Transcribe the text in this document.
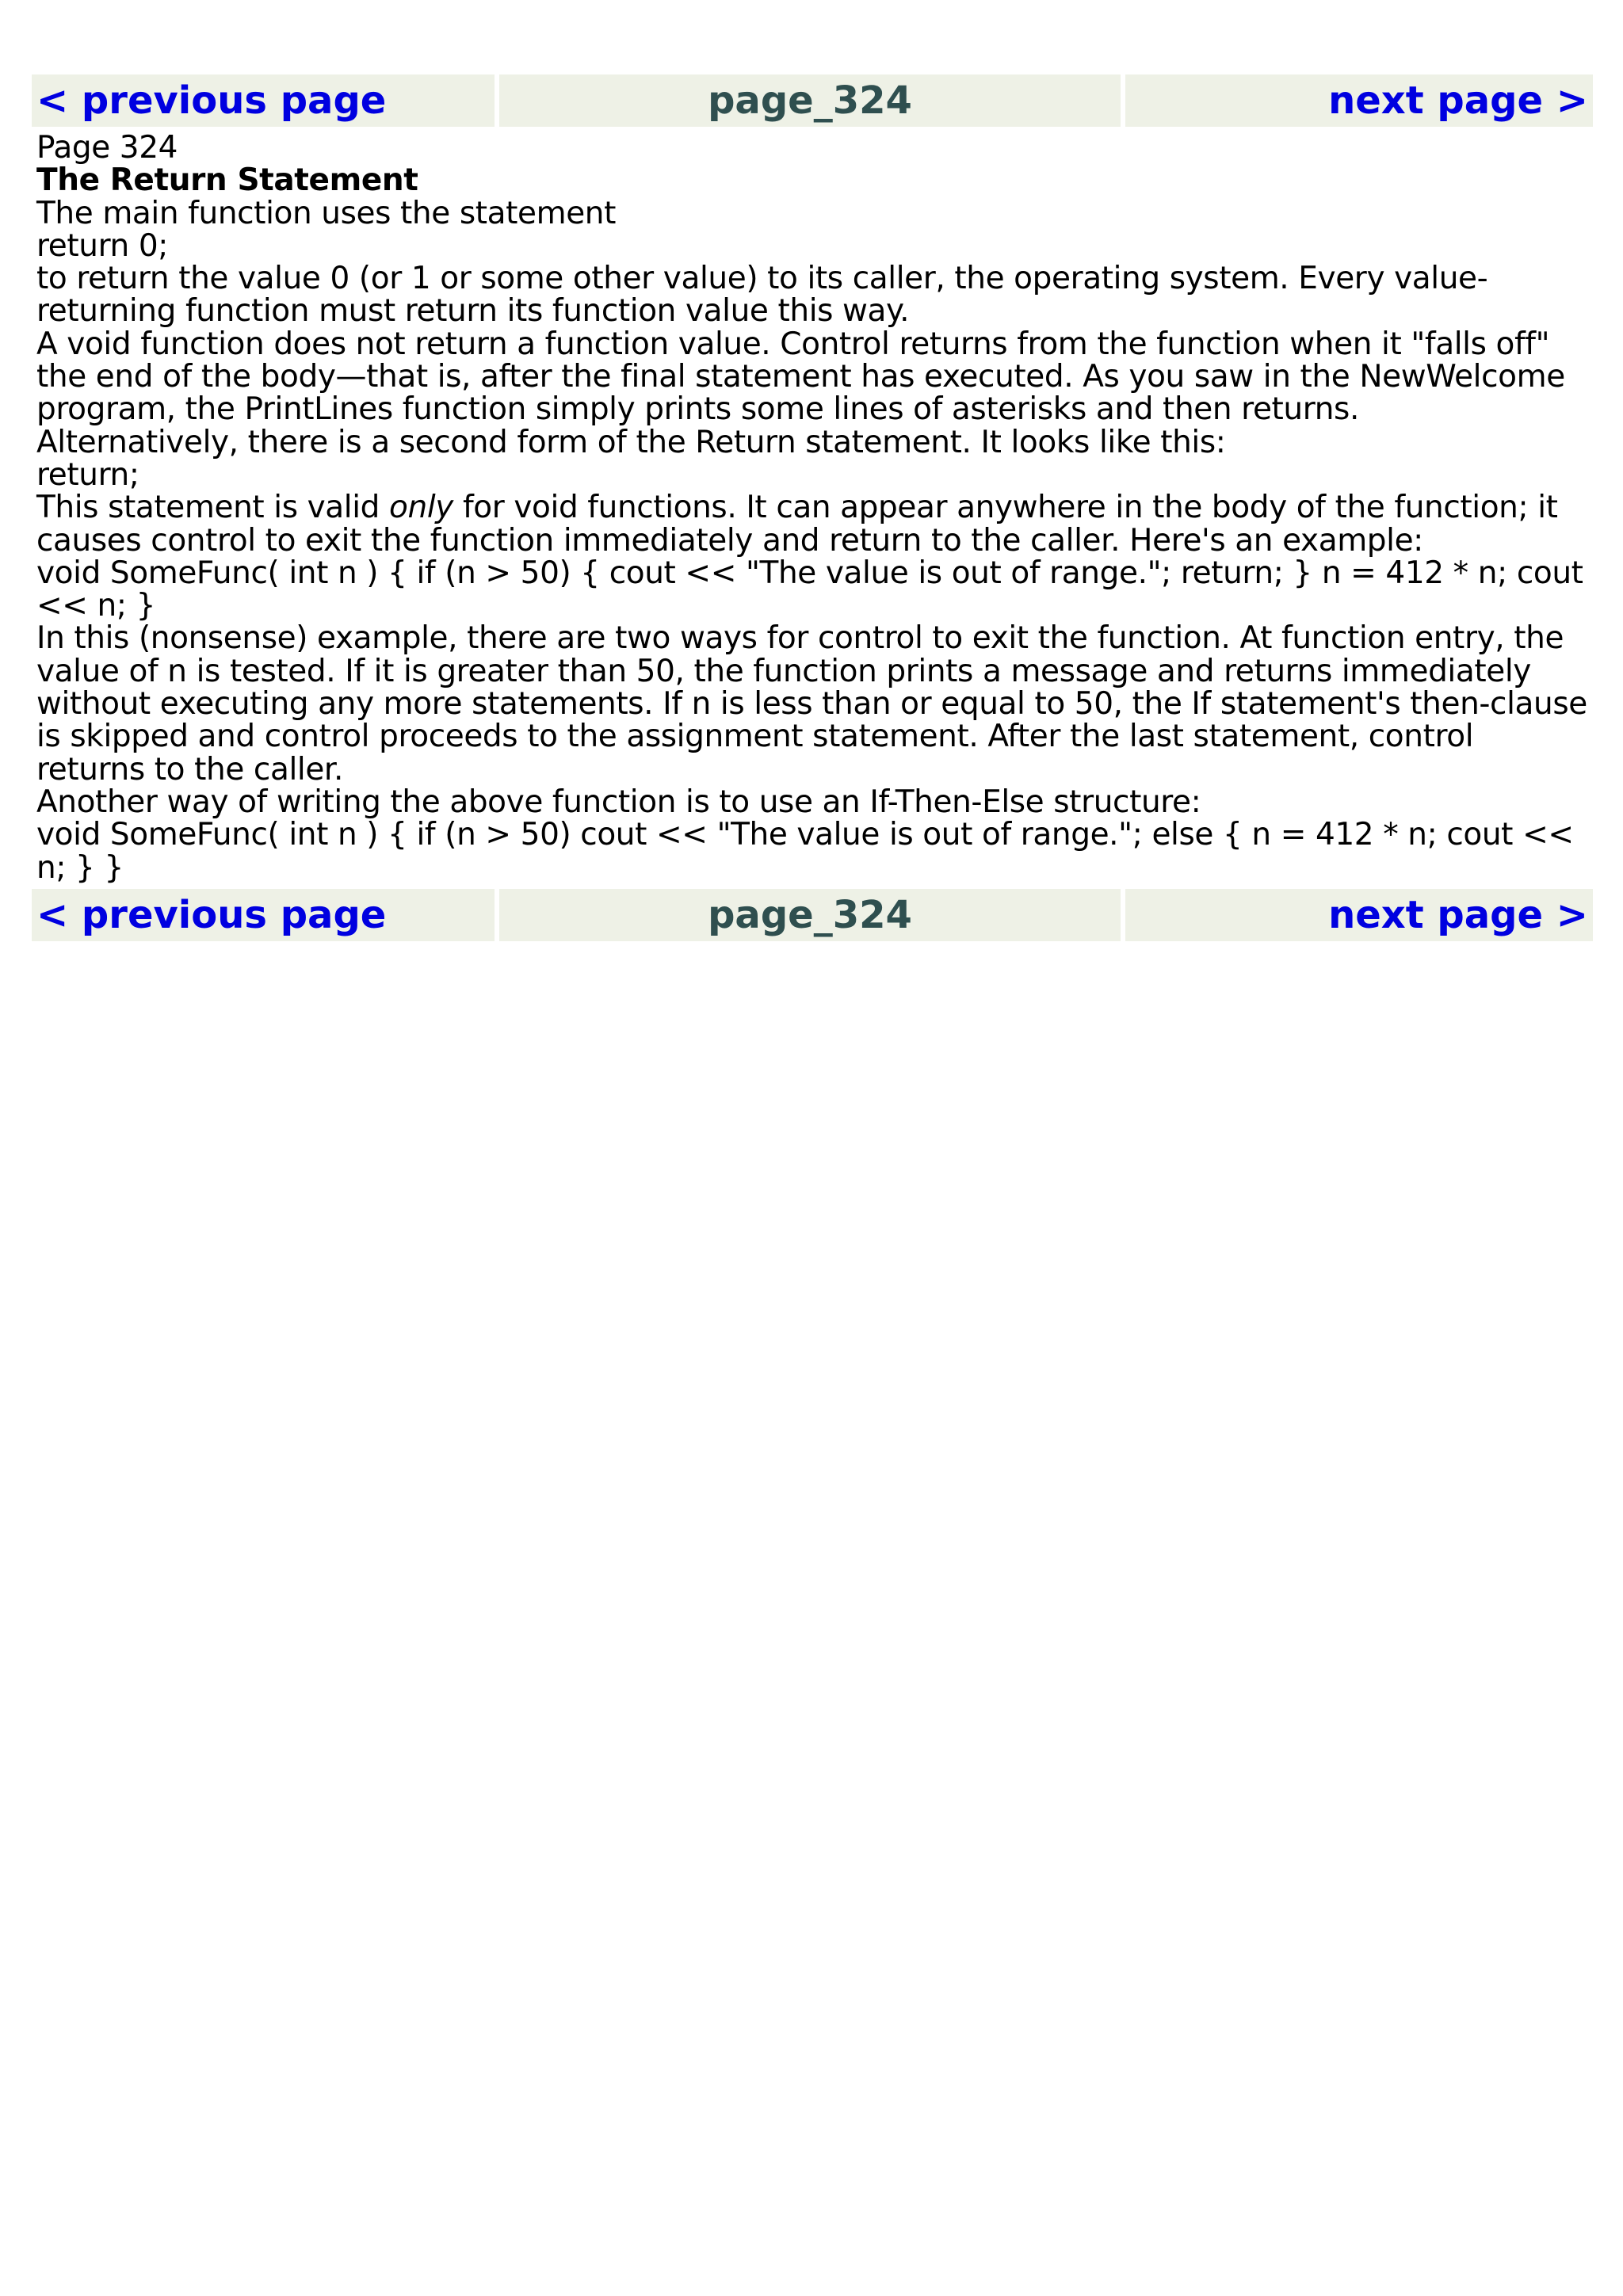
< previous page	page_324	next page >

Page 324

The Return Statement

The main function uses the statement

return 0;

to return the value 0 (or 1 or some other value) to its caller, the operating system. Every value-returning function must return its function value this way.

A void function does not return a function value. Control returns from the function when it "falls off" the end of the body—that is, after the final statement has executed. As you saw in the NewWelcome program, the PrintLines function simply prints some lines of asterisks and then returns.

Alternatively, there is a second form of the Return statement. It looks like this:

return;

This statement is valid only for void functions. It can appear anywhere in the body of the function; it causes control to exit the function immediately and return to the caller. Here's an example:

void SomeFunc( int n ) { if (n > 50) { cout << "The value is out of range."; return; } n = 412 * n; cout << n; }

In this (nonsense) example, there are two ways for control to exit the function. At function entry, the value of n is tested. If it is greater than 50, the function prints a message and returns immediately without executing any more statements. If n is less than or equal to 50, the If statement's then-clause is skipped and control proceeds to the assignment statement. After the last statement, control returns to the caller.

Another way of writing the above function is to use an If-Then-Else structure:

void SomeFunc( int n ) { if (n > 50) cout << "The value is out of range."; else { n = 412 * n; cout << n; } }

< previous page	page_324	next page >
